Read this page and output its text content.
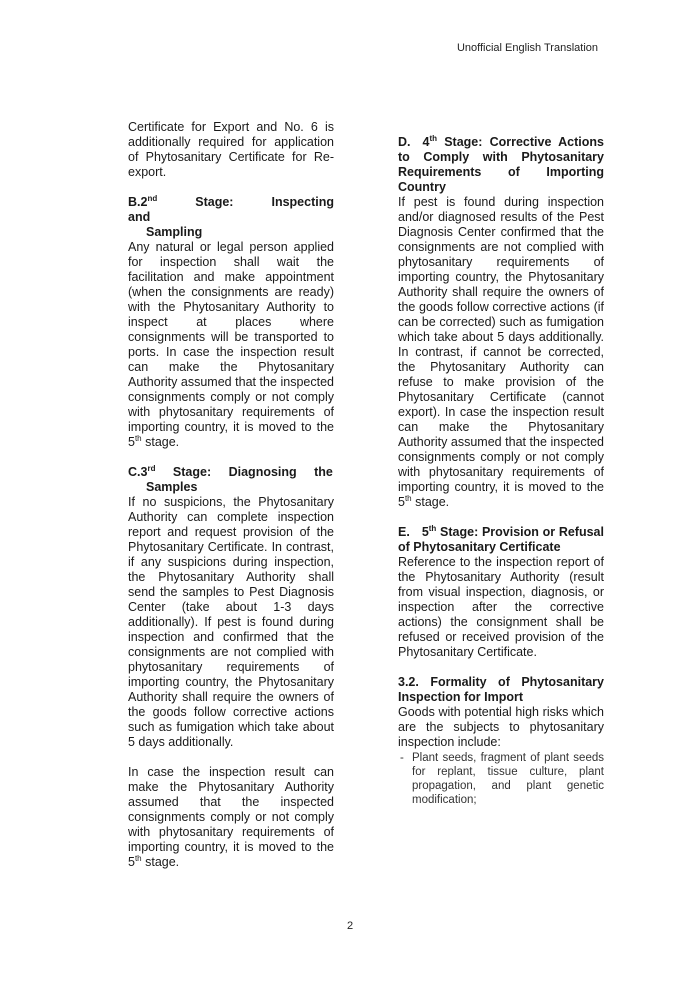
Unofficial English Translation

Certificate for Export and No. 6 is additionally required for application of Phytosanitary Certificate for Re-export.

B.2nd Stage: Inspecting and
Sampling

Any natural or legal person applied for inspection shall wait the facilitation and make appointment (when the consignments are ready) with the Phytosanitary Authority to inspect at places where consignments will be transported to ports. In case the inspection result can make the Phytosanitary Authority assumed that the inspected consignments comply or not comply with phytosanitary requirements of importing country, it is moved to the 5th stage.

C.3rd Stage: Diagnosing the
Samples

If no suspicions, the Phytosanitary Authority can complete inspection report and request provision of the Phytosanitary Certificate. In contrast, if any suspicions during inspection, the Phytosanitary Authority shall send the samples to Pest Diagnosis Center (take about 1-3 days additionally). If pest is found during inspection and confirmed that the consignments are not complied with phytosanitary requirements of importing country, the Phytosanitary Authority shall require the owners of the goods follow corrective actions such as fumigation which take about 5 days additionally.

In case the inspection result can make the Phytosanitary Authority assumed that the inspected consignments comply or not comply with phytosanitary requirements of importing country, it is moved to the 5th stage.

D. 4th Stage: Corrective Actions to Comply with Phytosanitary Requirements of Importing Country

If pest is found during inspection and/or diagnosed results of the Pest Diagnosis Center confirmed that the consignments are not complied with phytosanitary requirements of importing country, the Phytosanitary Authority shall require the owners of the goods follow corrective actions (if can be corrected) such as fumigation which take about 5 days additionally. In contrast, if cannot be corrected, the Phytosanitary Authority can refuse to make provision of the Phytosanitary Certificate (cannot export). In case the inspection result can make the Phytosanitary Authority assumed that the inspected consignments comply or not comply with phytosanitary requirements of importing country, it is moved to the 5th stage.

E. 5th Stage: Provision or Refusal of Phytosanitary Certificate

Reference to the inspection report of the Phytosanitary Authority (result from visual inspection, diagnosis, or inspection after the corrective actions) the consignment shall be refused or received provision of the Phytosanitary Certificate.

3.2. Formality of Phytosanitary Inspection for Import

Goods with potential high risks which are the subjects to phytosanitary inspection include:

- Plant seeds, fragment of plant seeds for replant, tissue culture, plant propagation, and plant genetic modification;
2
